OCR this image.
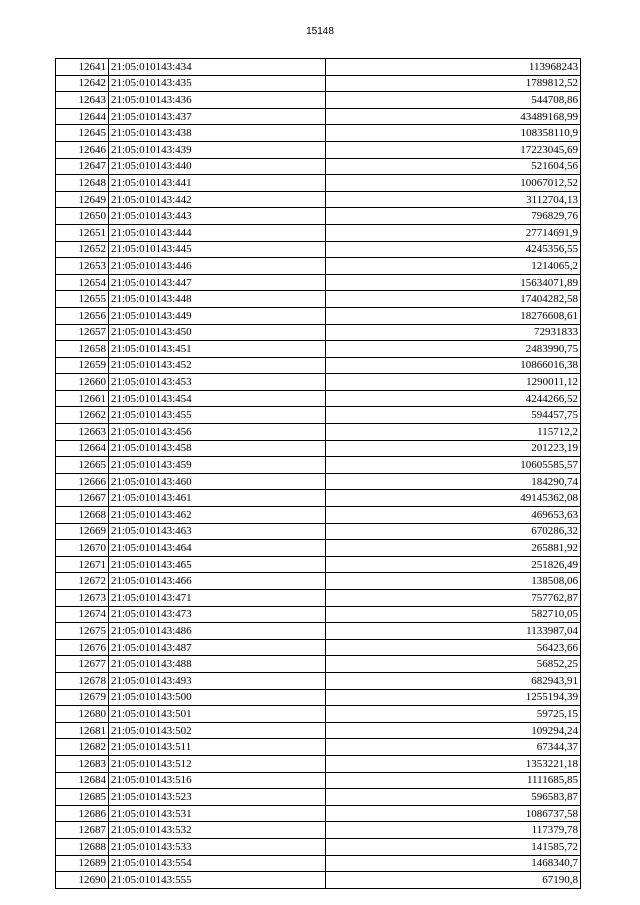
15148
12641	21:05:010143:434	113968243
12642	21:05:010143:435	1789812,52
12643	21:05:010143:436	544708,86
12644	21:05:010143:437	43489168,99
12645	21:05:010143:438	108358110,9
12646	21:05:010143:439	17223045,69
12647	21:05:010143:440	521604,56
12648	21:05:010143:441	10067012,52
12649	21:05:010143:442	3112704,13
12650	21:05:010143:443	796829,76
12651	21:05:010143:444	27714691,9
12652	21:05:010143:445	4245356,55
12653	21:05:010143:446	1214065,2
12654	21:05:010143:447	15634071,89
12655	21:05:010143:448	17404282,58
12656	21:05:010143:449	18276608,61
12657	21:05:010143:450	72931833
12658	21:05:010143:451	2483990,75
12659	21:05:010143:452	10866016,38
12660	21:05:010143:453	1290011,12
12661	21:05:010143:454	4244266,52
12662	21:05:010143:455	594457,75
12663	21:05:010143:456	115712,2
12664	21:05:010143:458	201223,19
12665	21:05:010143:459	10605585,57
12666	21:05:010143:460	184290,74
12667	21:05:010143:461	49145362,08
12668	21:05:010143:462	469653,63
12669	21:05:010143:463	670286,32
12670	21:05:010143:464	265881,92
12671	21:05:010143:465	251826,49
12672	21:05:010143:466	138508,06
12673	21:05:010143:471	757762,87
12674	21:05:010143:473	582710,05
12675	21:05:010143:486	1133987,04
12676	21:05:010143:487	56423,66
12677	21:05:010143:488	56852,25
12678	21:05:010143:493	682943,91
12679	21:05:010143:500	1255194,39
12680	21:05:010143:501	59725,15
12681	21:05:010143:502	109294,24
12682	21:05:010143:511	67344,37
12683	21:05:010143:512	1353221,18
12684	21:05:010143:516	1111685,85
12685	21:05:010143:523	596583,87
12686	21:05:010143:531	1086737,58
12687	21:05:010143:532	117379,78
12688	21:05:010143:533	141585,72
12689	21:05:010143:554	1468340,7
12690	21:05:010143:555	67190,8
